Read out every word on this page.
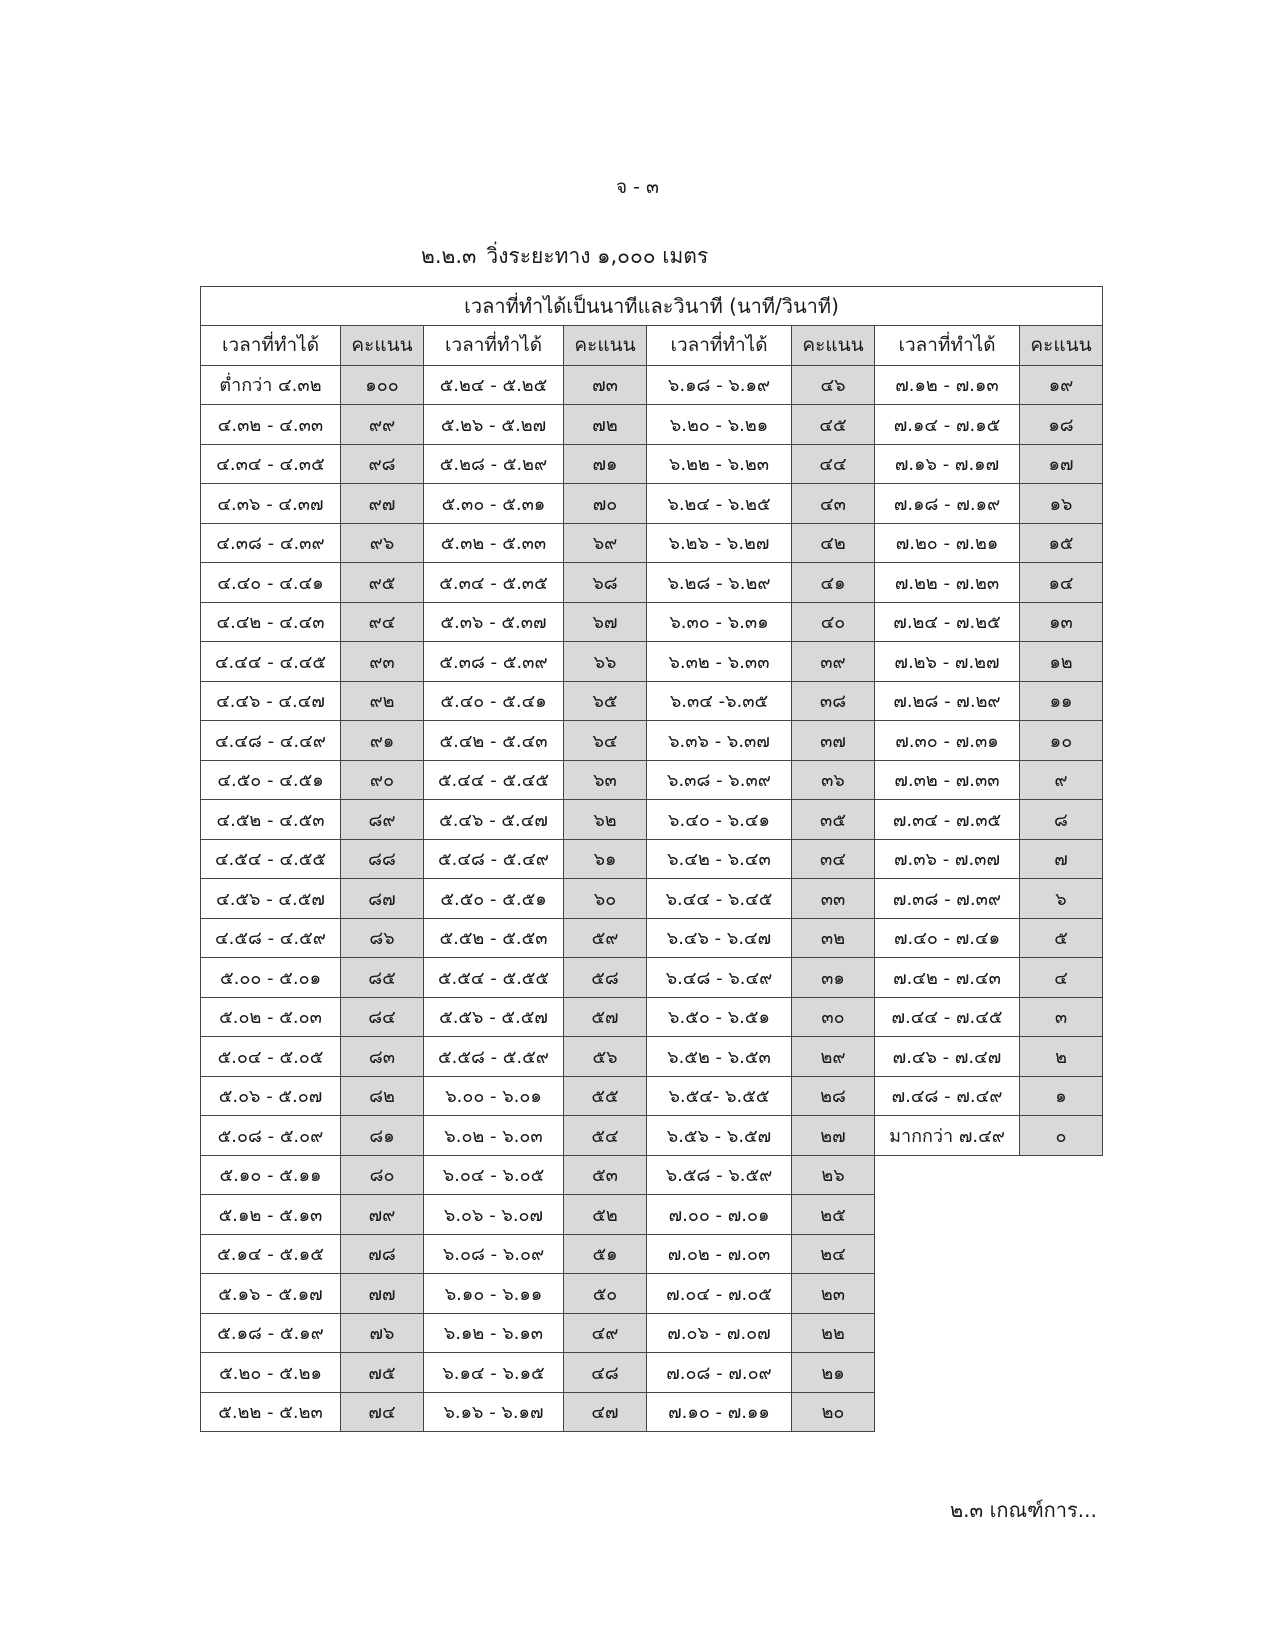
จ - ๓
๒.๒.๓ วิ่งระยะทาง ๑,๐๐๐ เมตร
เวลาที่ทำได้เป็นนาทีและวินาที (นาที/วินาที)							
เวลาที่ทำได้	คะแนน	เวลาที่ทำได้	คะแนน	เวลาที่ทำได้	คะแนน	เวลาที่ทำได้	คะแนน
ต่ำกว่า ๔.๓๒	๑๐๐	๕.๒๔ - ๕.๒๕	๗๓	๖.๑๘ - ๖.๑๙	๔๖	๗.๑๒ - ๗.๑๓	๑๙
๔.๓๒ - ๔.๓๓	๙๙	๕.๒๖ - ๕.๒๗	๗๒	๖.๒๐ - ๖.๒๑	๔๕	๗.๑๔ - ๗.๑๕	๑๘
๔.๓๔ - ๔.๓๕	๙๘	๕.๒๘ - ๕.๒๙	๗๑	๖.๒๒ - ๖.๒๓	๔๔	๗.๑๖ - ๗.๑๗	๑๗
๔.๓๖ - ๔.๓๗	๙๗	๕.๓๐ - ๕.๓๑	๗๐	๖.๒๔ - ๖.๒๕	๔๓	๗.๑๘ - ๗.๑๙	๑๖
๔.๓๘ - ๔.๓๙	๙๖	๕.๓๒ - ๕.๓๓	๖๙	๖.๒๖ - ๖.๒๗	๔๒	๗.๒๐ - ๗.๒๑	๑๕
๔.๔๐ - ๔.๔๑	๙๕	๕.๓๔ - ๕.๓๕	๖๘	๖.๒๘ - ๖.๒๙	๔๑	๗.๒๒ - ๗.๒๓	๑๔
๔.๔๒ - ๔.๔๓	๙๔	๕.๓๖ - ๕.๓๗	๖๗	๖.๓๐ - ๖.๓๑	๔๐	๗.๒๔ - ๗.๒๕	๑๓
๔.๔๔ - ๔.๔๕	๙๓	๕.๓๘ - ๕.๓๙	๖๖	๖.๓๒ - ๖.๓๓	๓๙	๗.๒๖ - ๗.๒๗	๑๒
๔.๔๖ - ๔.๔๗	๙๒	๕.๔๐ - ๕.๔๑	๖๕	๖.๓๔ -๖.๓๕	๓๘	๗.๒๘ - ๗.๒๙	๑๑
๔.๔๘ - ๔.๔๙	๙๑	๕.๔๒ - ๕.๔๓	๖๔	๖.๓๖ - ๖.๓๗	๓๗	๗.๓๐ - ๗.๓๑	๑๐
๔.๕๐ - ๔.๕๑	๙๐	๕.๔๔ - ๕.๔๕	๖๓	๖.๓๘ - ๖.๓๙	๓๖	๗.๓๒ - ๗.๓๓	๙
๔.๕๒ - ๔.๕๓	๘๙	๕.๔๖ - ๕.๔๗	๖๒	๖.๔๐ - ๖.๔๑	๓๕	๗.๓๔ - ๗.๓๕	๘
๔.๕๔ - ๔.๕๕	๘๘	๕.๔๘ - ๕.๔๙	๖๑	๖.๔๒ - ๖.๔๓	๓๔	๗.๓๖ - ๗.๓๗	๗
๔.๕๖ - ๔.๕๗	๘๗	๕.๕๐ - ๕.๕๑	๖๐	๖.๔๔ - ๖.๔๕	๓๓	๗.๓๘ - ๗.๓๙	๖
๔.๕๘ - ๔.๕๙	๘๖	๕.๕๒ - ๕.๕๓	๕๙	๖.๔๖ - ๖.๔๗	๓๒	๗.๔๐ - ๗.๔๑	๕
๕.๐๐ - ๕.๐๑	๘๕	๕.๕๔ - ๕.๕๕	๕๘	๖.๔๘ - ๖.๔๙	๓๑	๗.๔๒ - ๗.๔๓	๔
๕.๐๒ - ๕.๐๓	๘๔	๕.๕๖ - ๕.๕๗	๕๗	๖.๕๐ - ๖.๕๑	๓๐	๗.๔๔ - ๗.๔๕	๓
๕.๐๔ - ๕.๐๕	๘๓	๕.๕๘ - ๕.๕๙	๕๖	๖.๕๒ - ๖.๕๓	๒๙	๗.๔๖ - ๗.๔๗	๒
๕.๐๖ - ๕.๐๗	๘๒	๖.๐๐ - ๖.๐๑	๕๕	๖.๕๔- ๖.๕๕	๒๘	๗.๔๘ - ๗.๔๙	๑
๕.๐๘ - ๕.๐๙	๘๑	๖.๐๒ - ๖.๐๓	๕๔	๖.๕๖ - ๖.๕๗	๒๗	มากกว่า ๗.๔๙	๐
๕.๑๐ - ๕.๑๑	๘๐	๖.๐๔ - ๖.๐๕	๕๓	๖.๕๘ - ๖.๕๙	๒๖		
๕.๑๒ - ๕.๑๓	๗๙	๖.๐๖ - ๖.๐๗	๕๒	๗.๐๐ - ๗.๐๑	๒๕		
๕.๑๔ - ๕.๑๕	๗๘	๖.๐๘ - ๖.๐๙	๕๑	๗.๐๒ - ๗.๐๓	๒๔		
๕.๑๖ - ๕.๑๗	๗๗	๖.๑๐ - ๖.๑๑	๕๐	๗.๐๔ - ๗.๐๕	๒๓		
๕.๑๘ - ๕.๑๙	๗๖	๖.๑๒ - ๖.๑๓	๔๙	๗.๐๖ - ๗.๐๗	๒๒		
๕.๒๐ - ๕.๒๑	๗๕	๖.๑๔ - ๖.๑๕	๔๘	๗.๐๘ - ๗.๐๙	๒๑		
๕.๒๒ - ๕.๒๓	๗๔	๖.๑๖ - ๖.๑๗	๔๗	๗.๑๐ - ๗.๑๑	๒๐		
๒.๓ เกณฑ์การ...
